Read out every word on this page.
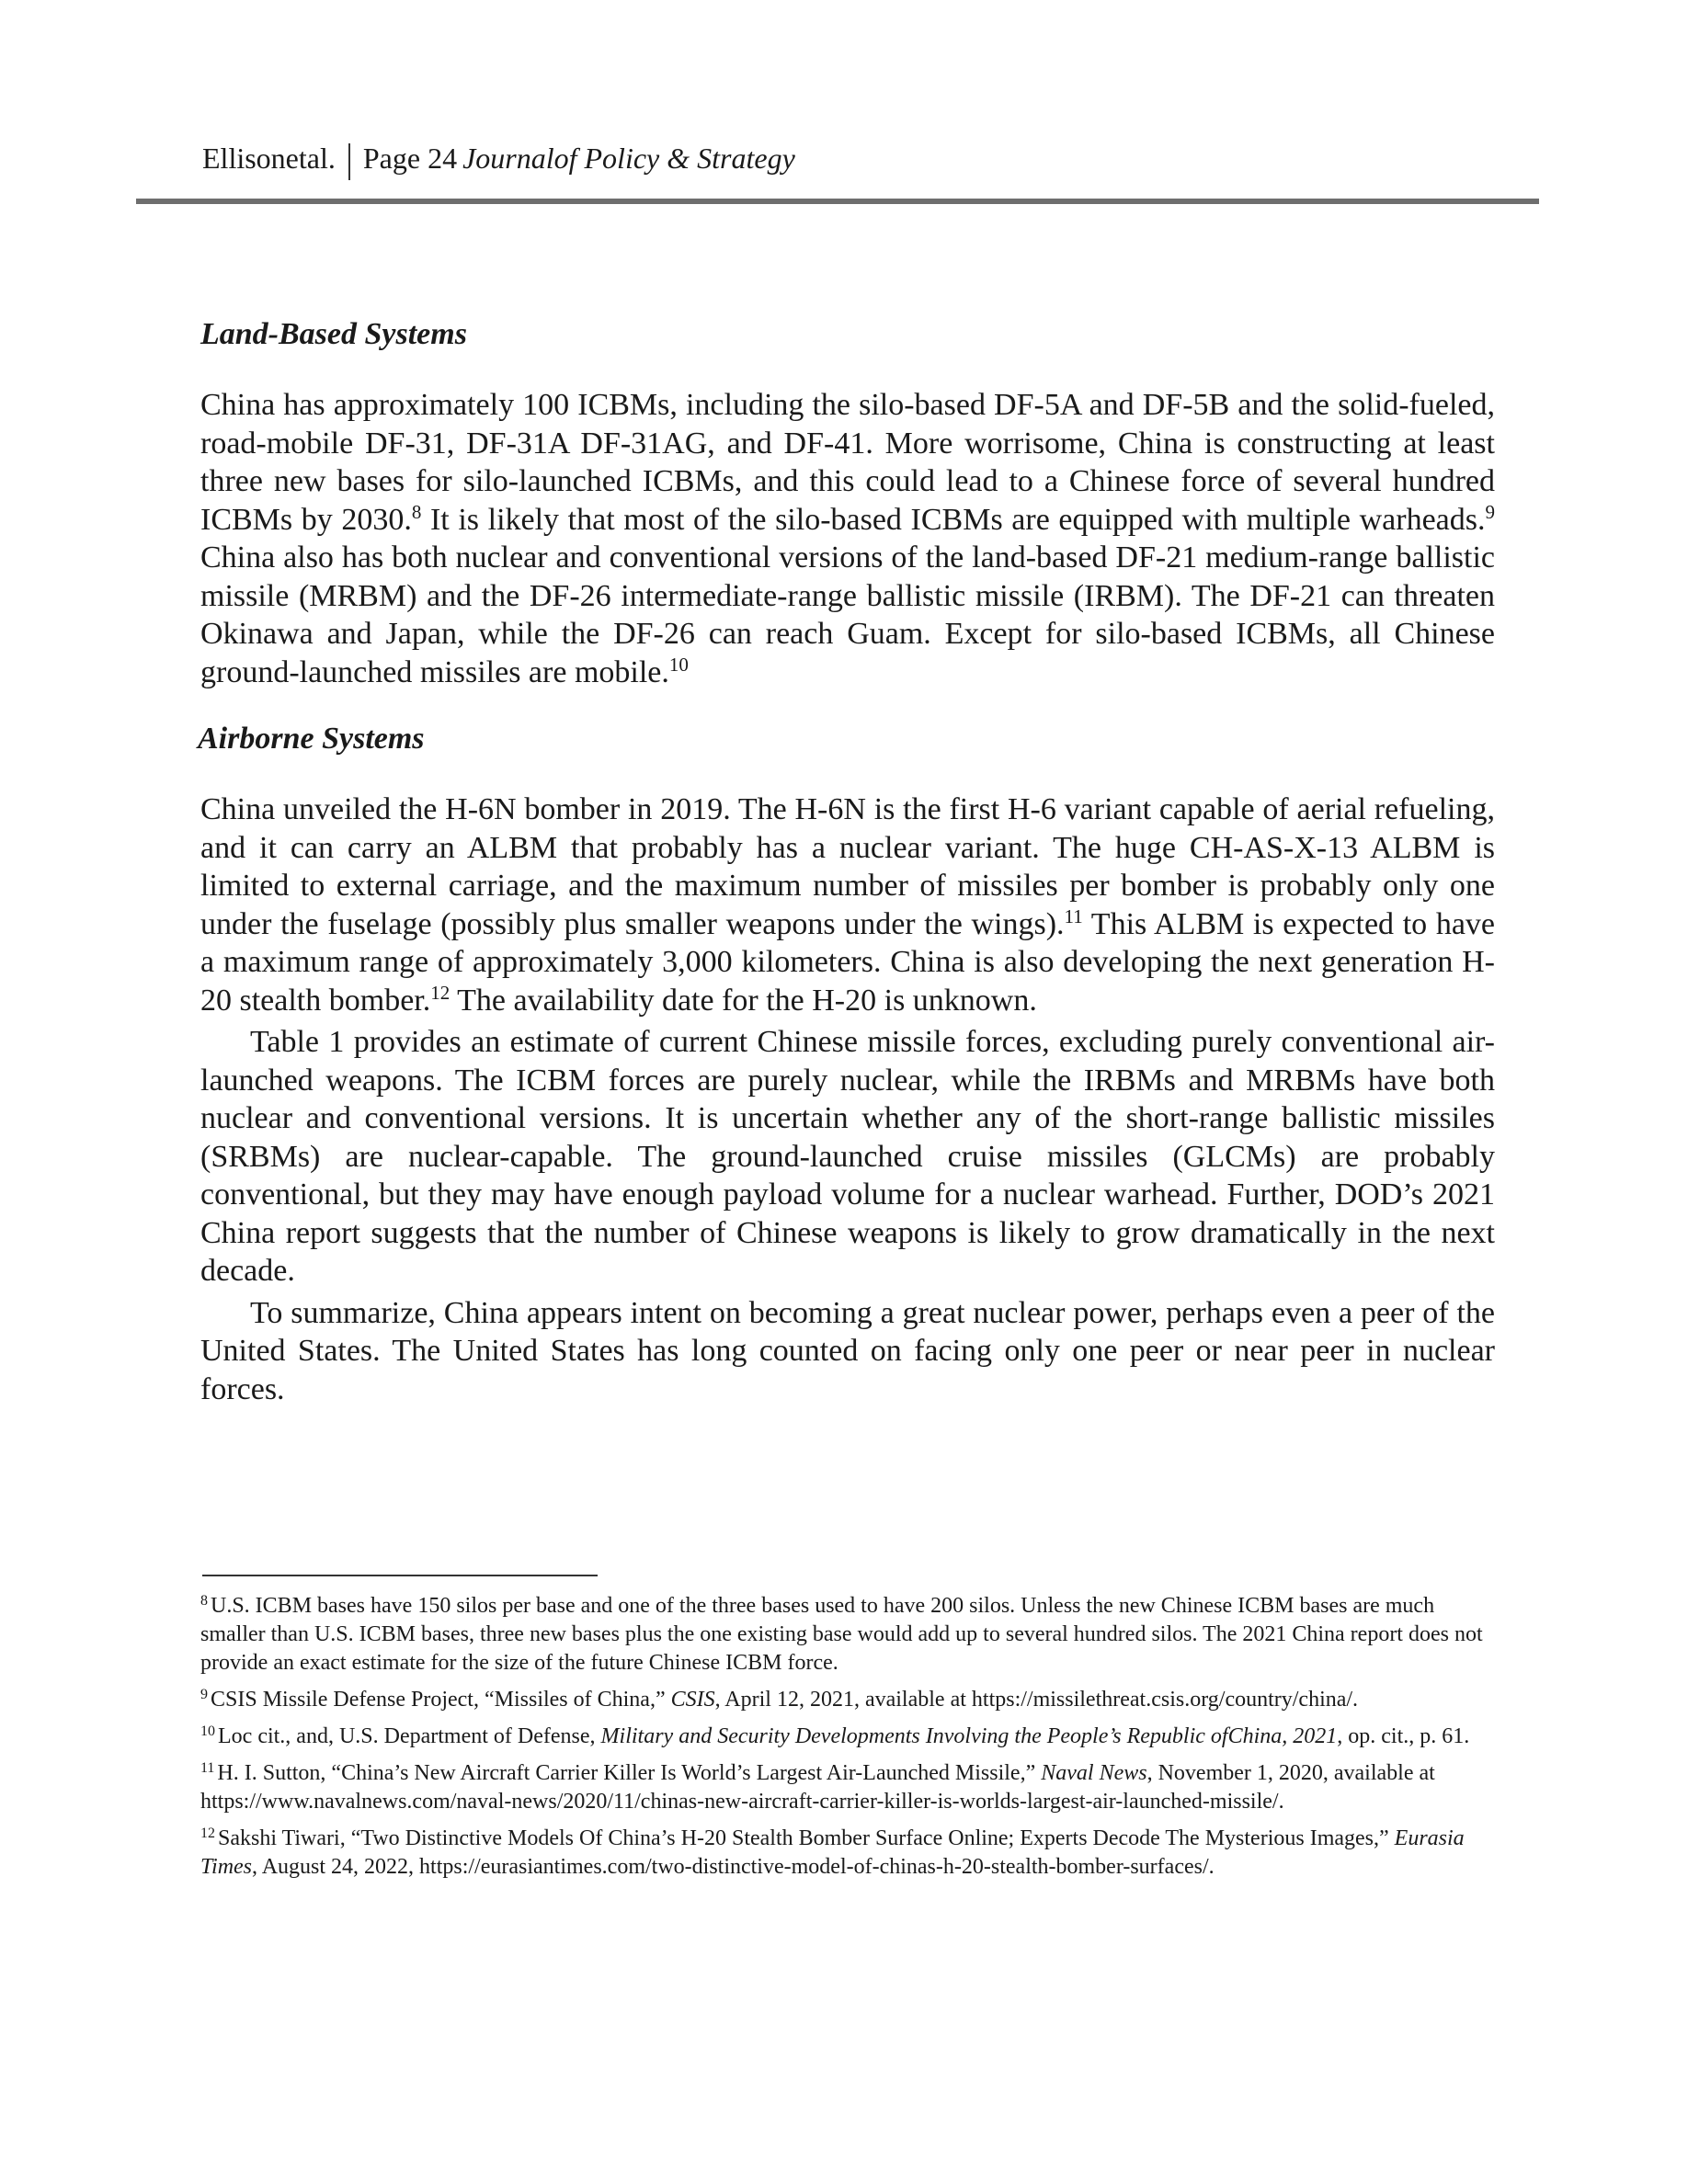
Ellisonetal. Page 24 Journalof Policy & Strategy
Land-Based Systems

China has approximately 100 ICBMs, including the silo-based DF-5A and DF-5B and the solid-fueled, road-mobile DF-31, DF-31A DF-31AG, and DF-41. More worrisome, China is constructing at least three new bases for silo-launched ICBMs, and this could lead to a Chinese force of several hundred ICBMs by 2030.$^8$ It is likely that most of the silo-based ICBMs are equipped with multiple warheads.$^9$ China also has both nuclear and conventional versions of the land-based DF-21 medium-range ballistic missile (MRBM) and the DF-26 intermediate-range ballistic missile (IRBM). The DF-21 can threaten Okinawa and Japan, while the DF-26 can reach Guam. Except for silo-based ICBMs, all Chinese ground-launched missiles are mobile.$^{10}$

Airborne Systems

China unveiled the H-6N bomber in 2019. The H-6N is the first H-6 variant capable of aerial refueling, and it can carry an ALBM that probably has a nuclear variant. The huge CH-AS-X-13 ALBM is limited to external carriage, and the maximum number of missiles per bomber is probably only one under the fuselage (possibly plus smaller weapons under the wings).$^{11}$ This ALBM is expected to have a maximum range of approximately 3,000 kilometers. China is also developing the next generation H-20 stealth bomber.$^{12}$ The availability date for the H-20 is unknown.

Table 1 provides an estimate of current Chinese missile forces, excluding purely conventional air-launched weapons. The ICBM forces are purely nuclear, while the IRBMs and MRBMs have both nuclear and conventional versions. It is uncertain whether any of the short-range ballistic missiles (SRBMs) are nuclear-capable. The ground-launched cruise missiles (GLCMs) are probably conventional, but they may have enough payload volume for a nuclear warhead. Further, DOD’s 2021 China report suggests that the number of Chinese weapons is likely to grow dramatically in the next decade.

To summarize, China appears intent on becoming a great nuclear power, perhaps even a peer of the United States. The United States has long counted on facing only one peer or near peer in nuclear forces.

$^8$ U.S. ICBM bases have 150 silos per base and one of the three bases used to have 200 silos. Unless the new Chinese ICBM bases are much smaller than U.S. ICBM bases, three new bases plus the one existing base would add up to several hundred silos. The 2021 China report does not provide an exact estimate for the size of the future Chinese ICBM force.

$^9$ CSIS Missile Defense Project, “Missiles of China,” CSIS, April 12, 2021, available at https://missilethreat.csis.org/country/china/.

$^{10}$ Loc cit., and, U.S. Department of Defense, Military and Security Developments Involving the People’s Republic ofChina, 2021, op. cit., p. 61.

$^{11}$ H. I. Sutton, “China’s New Aircraft Carrier Killer Is World’s Largest Air-Launched Missile,” Naval News, November 1, 2020, available at https://www.navalnews.com/naval-news/2020/11/chinas-new-aircraft-carrier-killer-is-worlds-largest-air-launched-missile/.

$^{12}$ Sakshi Tiwari, “Two Distinctive Models Of China’s H-20 Stealth Bomber Surface Online; Experts Decode The Mysterious Images,” Eurasia Times, August 24, 2022, https://eurasiantimes.com/two-distinctive-model-of-chinas-h-20-stealth-bomber-surfaces/.
